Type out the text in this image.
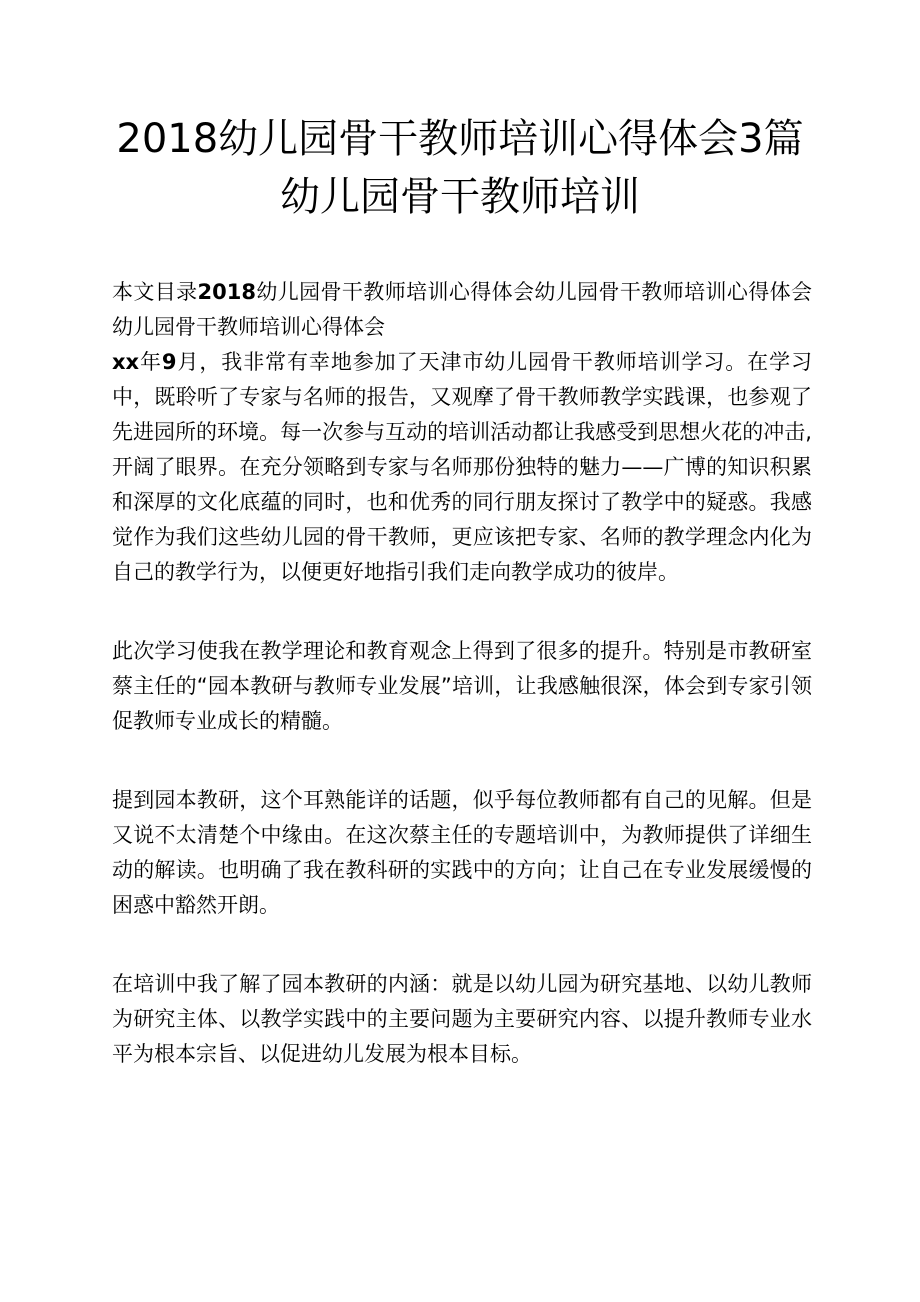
2018幼儿园骨干教师培训心得体会3篇
幼儿园骨干教师培训

本文目录2018幼儿园骨干教师培训心得体会幼儿园骨干教师培训心得体会幼儿园骨干教师培训心得体会

xx年9月，我非常有幸地参加了天津市幼儿园骨干教师培训学习。在学习中，既聆听了专家与名师的报告，又观摩了骨干教师教学实践课，也参观了先进园所的环境。每一次参与互动的培训活动都让我感受到思想火花的冲击,开阔了眼界。在充分领略到专家与名师那份独特的魅力——广博的知识积累和深厚的文化底蕴的同时，也和优秀的同行朋友探讨了教学中的疑惑。我感觉作为我们这些幼儿园的骨干教师，更应该把专家、名师的教学理念内化为自己的教学行为，以便更好地指引我们走向教学成功的彼岸。

此次学习使我在教学理论和教育观念上得到了很多的提升。特别是市教研室蔡主任的“园本教研与教师专业发展”培训，让我感触很深，体会到专家引领促教师专业成长的精髓。

提到园本教研，这个耳熟能详的话题，似乎每位教师都有自己的见解。但是又说不太清楚个中缘由。在这次蔡主任的专题培训中，为教师提供了详细生动的解读。也明确了我在教科研的实践中的方向；让自己在专业发展缓慢的困惑中豁然开朗。

在培训中我了解了园本教研的内涵：就是以幼儿园为研究基地、以幼儿教师为研究主体、以教学实践中的主要问题为主要研究内容、以提升教师专业水平为根本宗旨、以促进幼儿发展为根本目标。
